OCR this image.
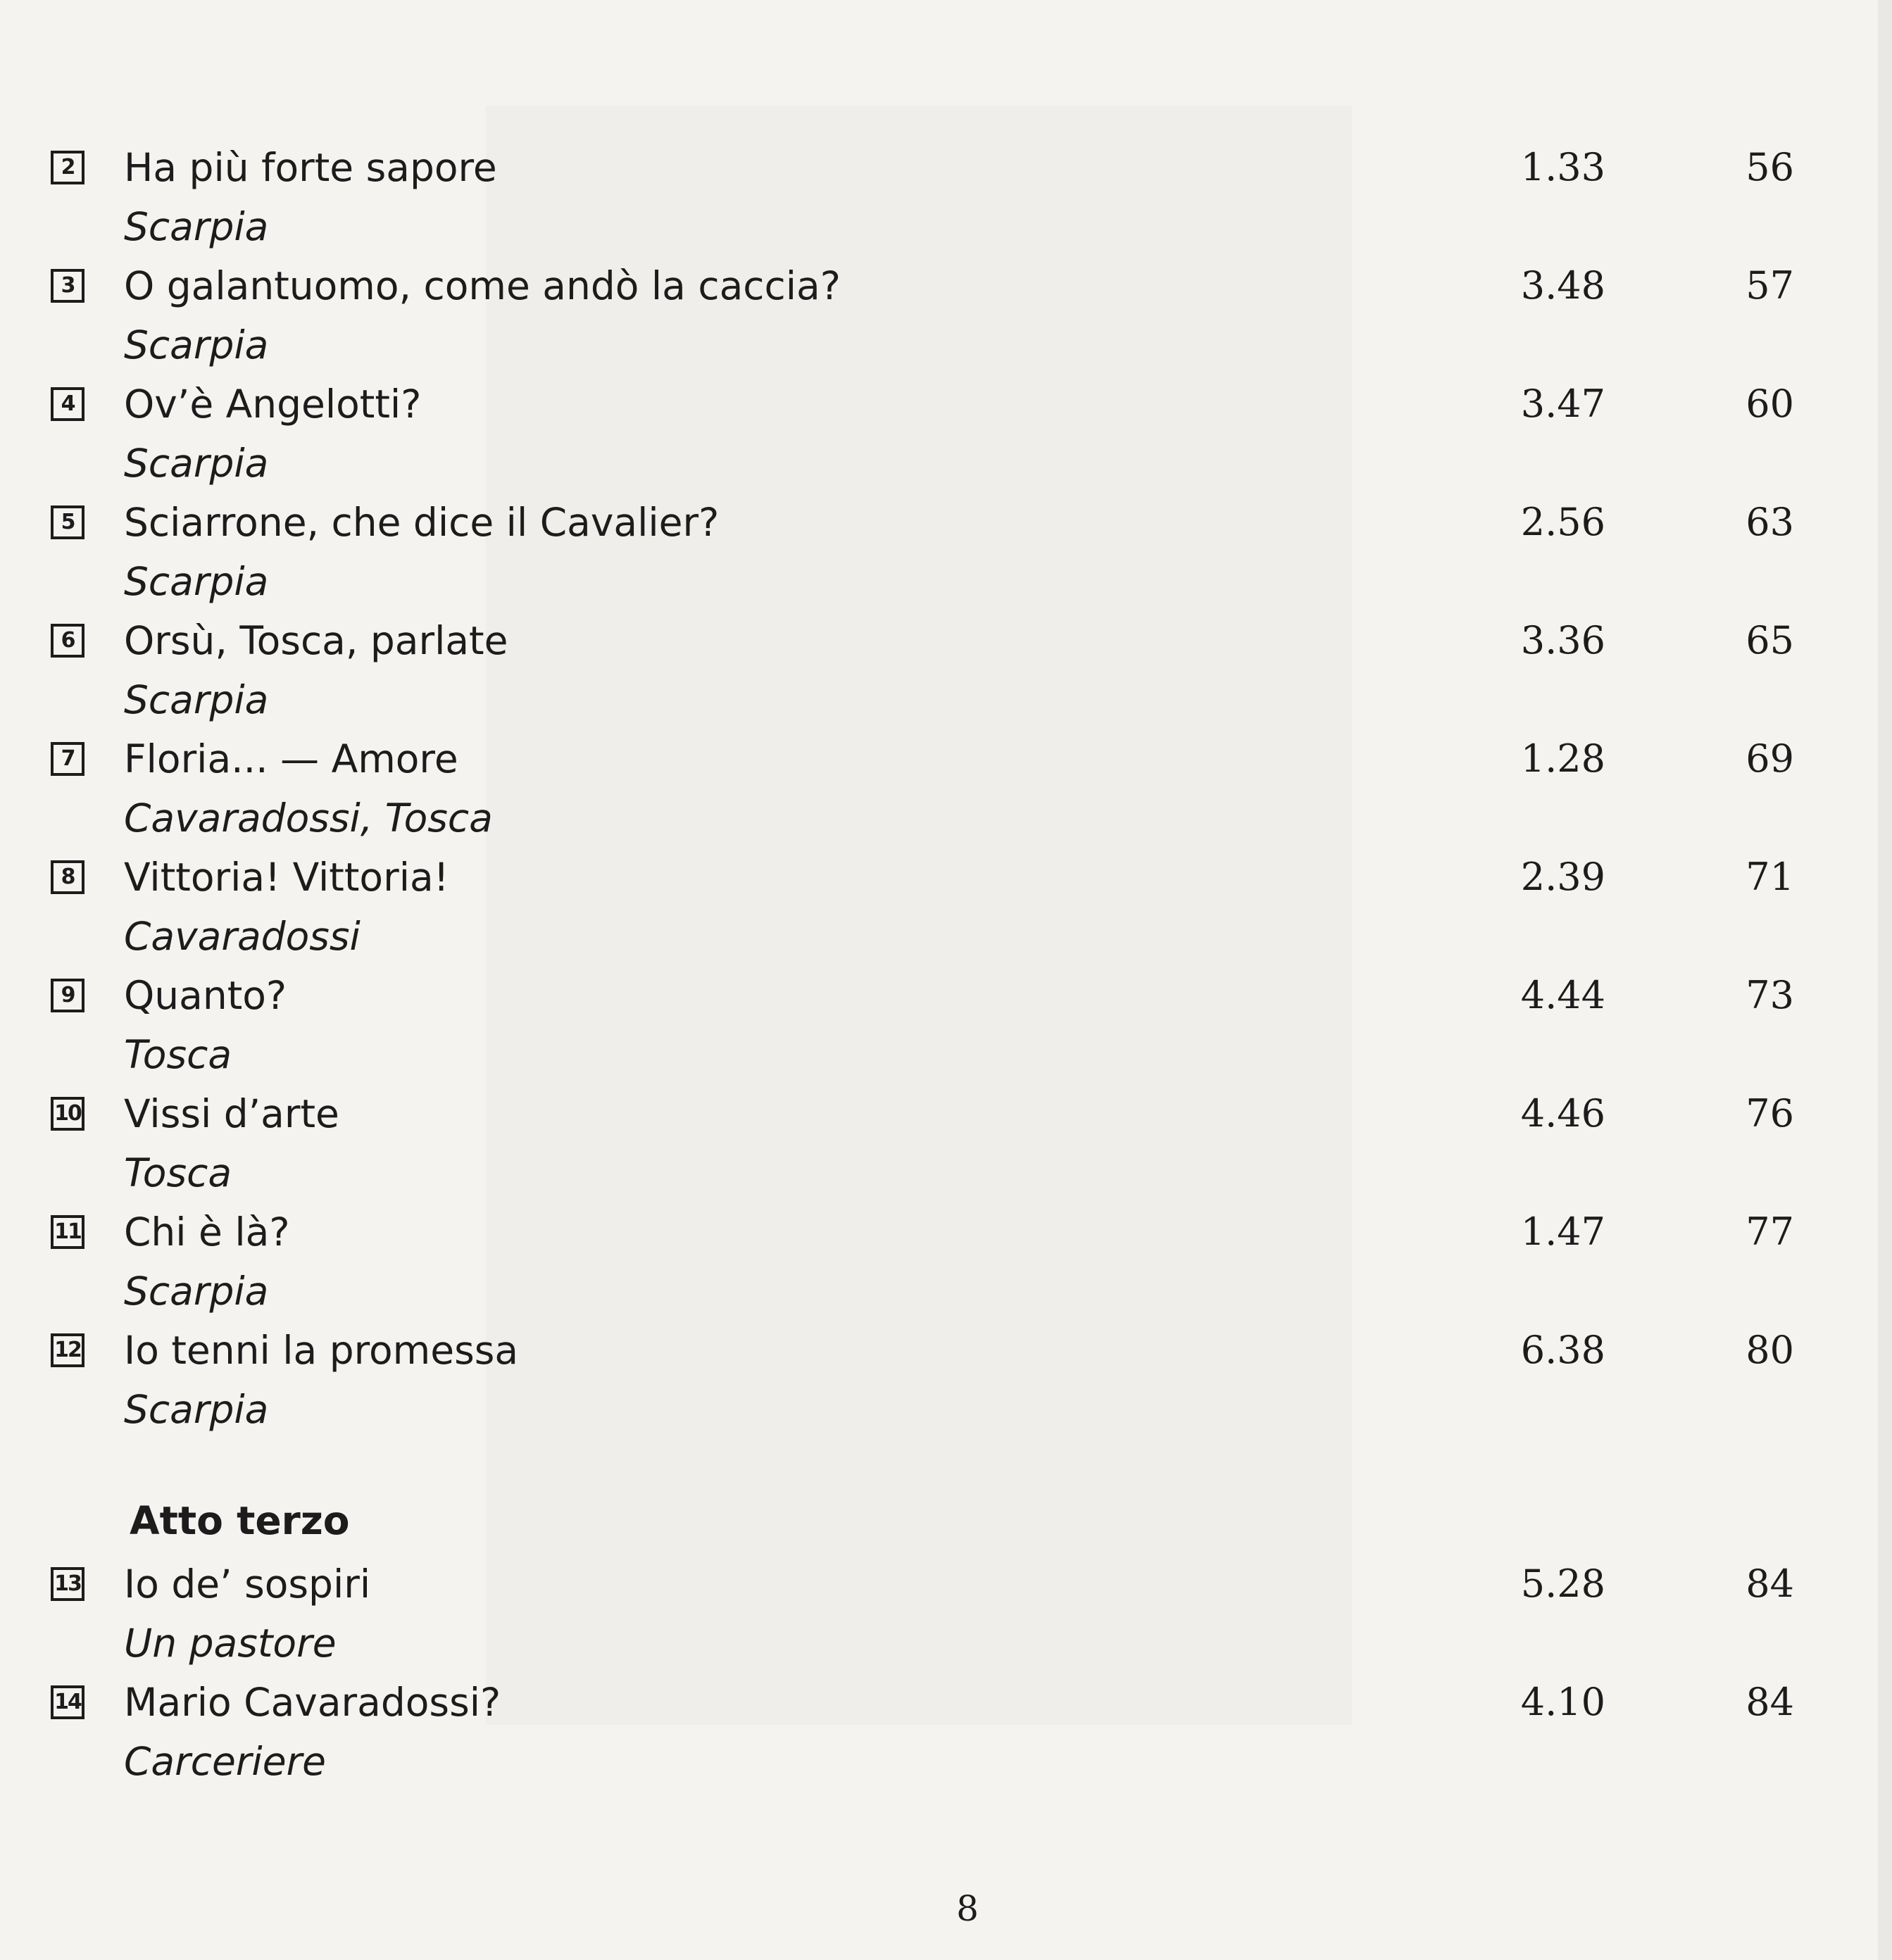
2 Ha più forte sapore
Scarpia
1.33	56
3 O galantuomo, come andò la caccia?
Scarpia
3.48	57
4 Ov’è Angelotti?
Scarpia
3.47	60
5 Sciarrone, che dice il Cavalier?
Scarpia
2.56	63
6 Orsù, Tosca, parlate
Scarpia
3.36	65
7 Floria... — Amore
Cavaradossi, Tosca
1.28	69
8 Vittoria! Vittoria!
Cavaradossi
2.39	71
9 Quanto?
Tosca
4.44	73
10 Vissi d’arte
Tosca
4.46	76
11 Chi è là?
Scarpia
1.47	77
12 Io tenni la promessa
Scarpia
6.38	80
Atto terzo
13 Io de’ sospiri
Un pastore
5.28	84
14 Mario Cavaradossi?
Carceriere
4.10	84
8
